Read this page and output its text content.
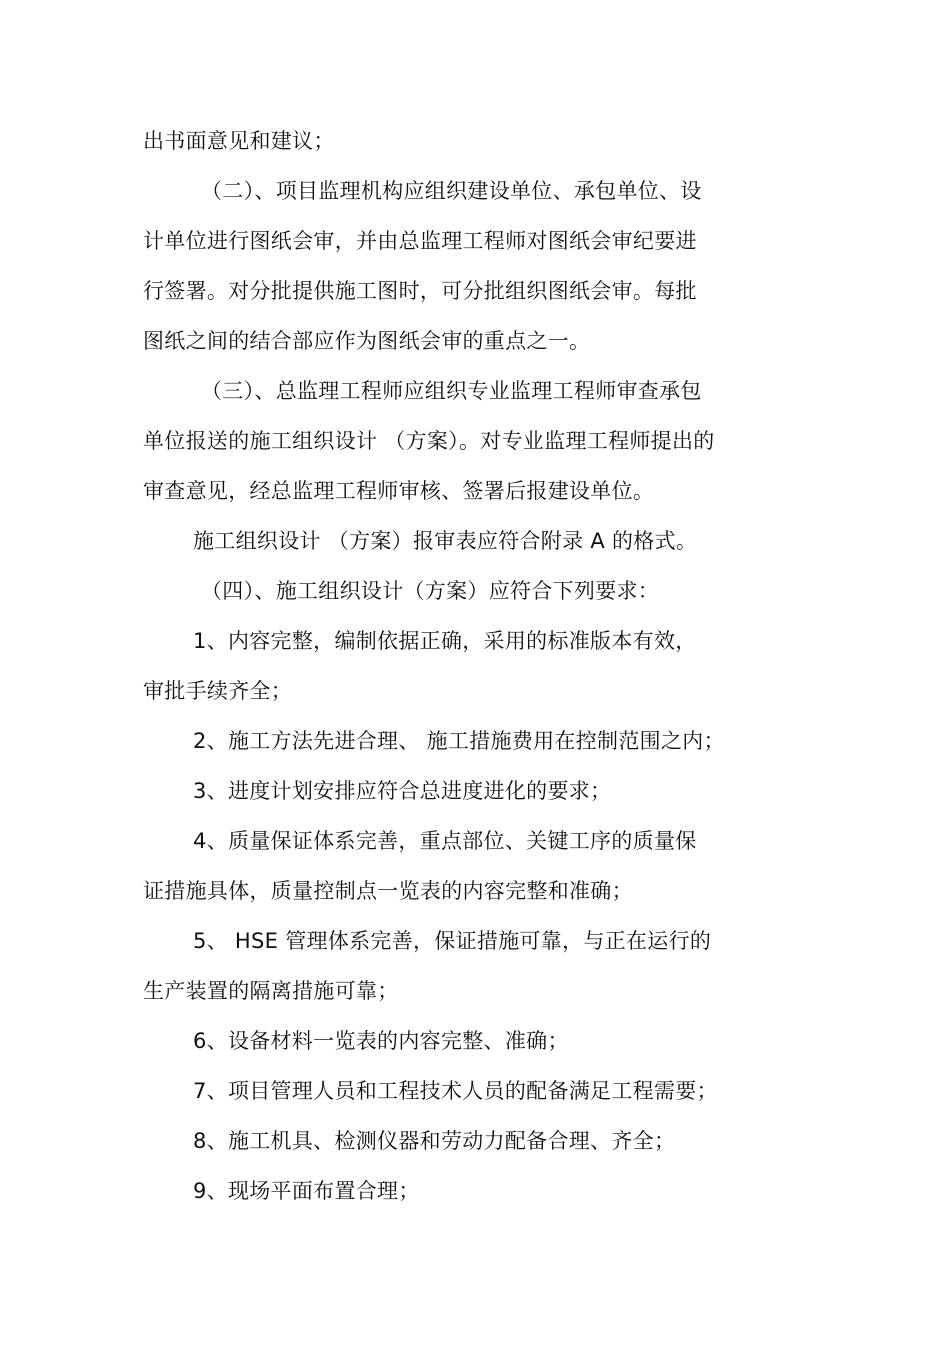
出书面意见和建议；
（二）、项目监理机构应组织建设单位、承包单位、设
计单位进行图纸会审，并由总监理工程师对图纸会审纪要进
行签署。对分批提供施工图时，可分批组织图纸会审。每批
图纸之间的结合部应作为图纸会审的重点之一。
（三）、总监理工程师应组织专业监理工程师审查承包
单位报送的施工组织设计 （方案）。对专业监理工程师提出的
审查意见，经总监理工程师审核、签署后报建设单位。
施工组织设计 （方案）报审表应符合附录 A 的格式。
（四）、施工组织设计（方案）应符合下列要求：
1、内容完整，编制依据正确，采用的标准版本有效，
审批手续齐全；
2、施工方法先进合理、 施工措施费用在控制范围之内；
3、进度计划安排应符合总进度进化的要求；
4、质量保证体系完善，重点部位、关键工序的质量保
证措施具体，质量控制点一览表的内容完整和准确；
5、 HSE 管理体系完善，保证措施可靠，与正在运行的
生产装置的隔离措施可靠；
6、设备材料一览表的内容完整、准确；
7、项目管理人员和工程技术人员的配备满足工程需要；
8、施工机具、检测仪器和劳动力配备合理、齐全；
9、现场平面布置合理；
